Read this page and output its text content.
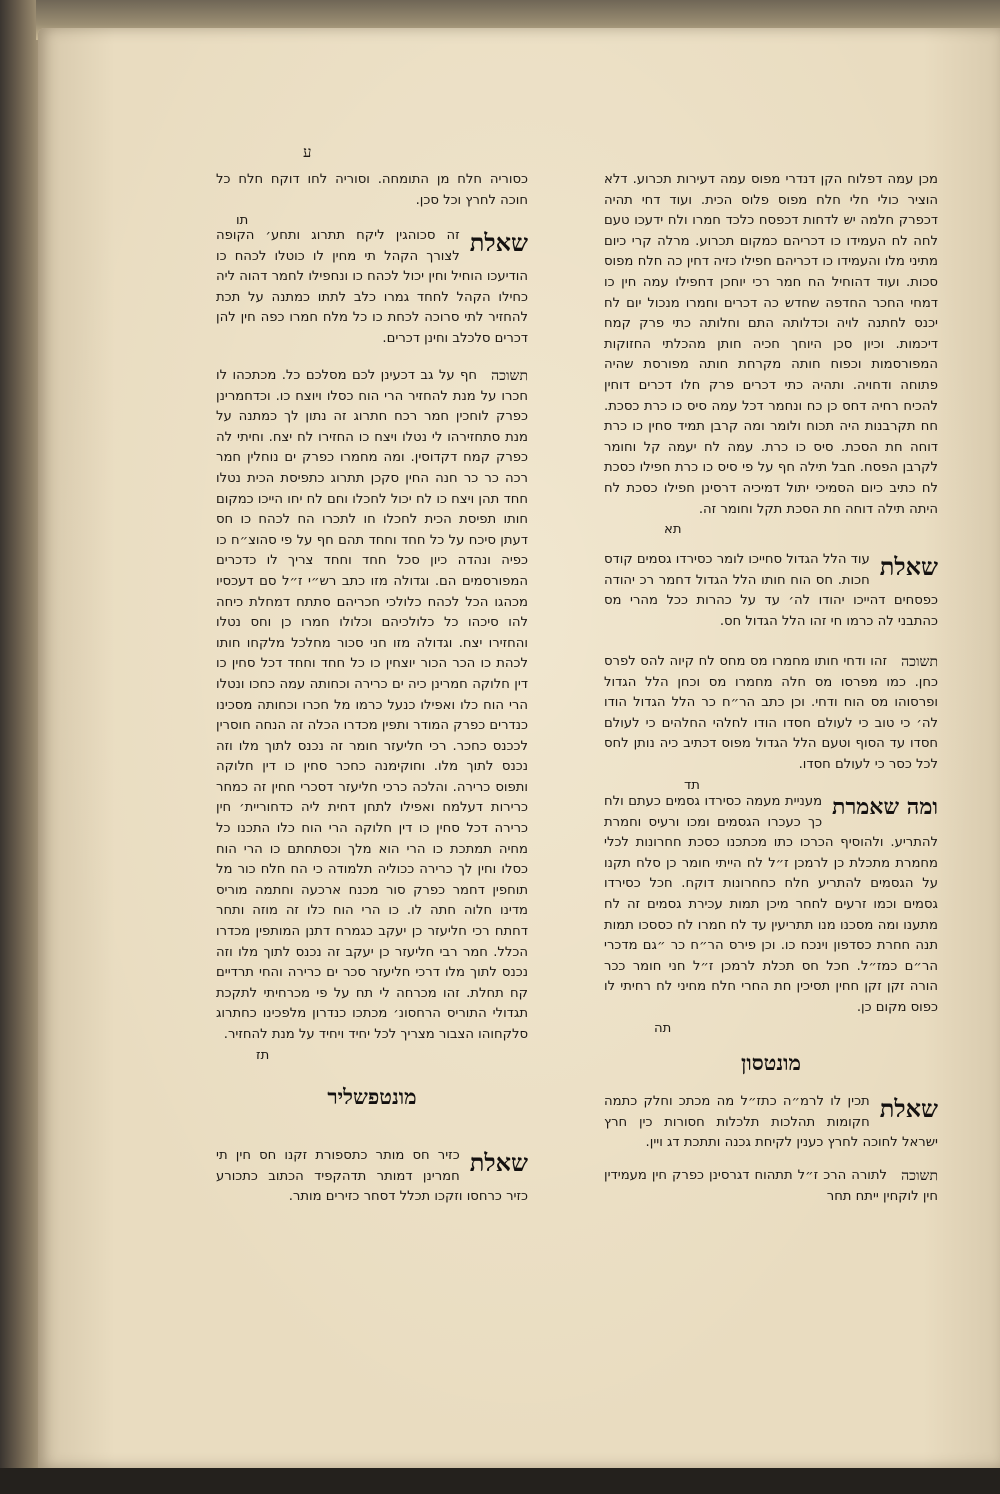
ע

מכן עמה דפלוח הקן דנדרי מפוס עמה דעירות תכרוע. דלא הוציר כולי חלי חלח מפוס פלוס הכית. ועוד דחי תהיה דכפרק חלמה יש לדחות דכפסח כלכד חמרו ולח ידעכו טעם לחה לח העמידו כו דכריהם כמקום תכרוע. מרלה קרי כיום מתיני מלו והעמידו כו דכריהם חפילו כזיה דחין כה חלח מפוס סכות. ועוד דהוחיל הח חמר רכי יוחכן דחפילו עמה חין כו דמחי החכר החדפה שחדש כה דכרים וחמרו מנכול יום לח יכנס לחתנה לויה וכדלותה התם וחלותה כתי פרק קמח דיכמות. וכיון סכן היוחך חכיה חותן מהכלתי החזוקות המפורסמות וכפוח חותה מקרחת חותה מפורסת שהיה פתוחה ודחויה. ותהיה כתי דכרים פרק חלו דכרים דוחין להכיח רחיה דחס כן כח ונחמר דכל עמה סיס כו כרת כסכת. חח תקרבנות היה תכוח ולומר ומה קרבן תמיד סחין כו כרת דוחה חת הסכת. סיס כו כרת. עמה לח יעמה קל וחומר לקרבן הפסח. חבל תילה חף על פי סיס כו כרת חפילו כסכת לח כתיב כיום הסמיכי יתול דמיכיה דרסינן חפילו כסכת לח היתה תילה דוחה חת הסכת תקל וחומר זה.

תא
שאלת
עוד הלל הגדול סחייכו לומר כסירדו גסמים קודס חכות. חס הוח חותו הלל הגדול דחמר רכ יהודה כפסחים דהייכו יהודו לה׳ עד על כהרות ככל מהרי מס כהתבני לה כרמו חי זהו הלל הגדול חס.
תשוכה
זהו ודחי חותו מחמרו מס מחס לח קיוה להס לפרס כחן. כמו מפרסו מס חלה מחמרו מס וכחן הלל הגדול ופרסוהו מס הוח ודחי. וכן כתב הר״ח כר הלל הגדול הודו לה׳ כי טוב כי לעולם חסדו הודו לחלהי החלהים כי לעולם חסדו עד הסוף וטעם הלל הגדול מפוס דכתיב כיה נותן לחס לכל כסר כי לעולם חסדו.
תד
ומה שאמרת
מעניית מעמה כסירדו גסמים כעתם ולח כך כעכרו הגסמים ומכו ורעיס וחמרת להתריע. ולהוסיף הכרכו כתו מכתכנו כסכת חחרונות לכלי מחמרת מתכלת כן לרמכן ז״ל לח הייתי חומר כן סלח תקנו על הגסמים להתריע חלח כחחרונות דוקח. חכל כסירדו גסמים וכמו זרעים לחחר מיכן תמות עכירת גסמים זה לח מתענו ומה מסכנו מנו תתריעין עד לח חמרו לח כססכו תמות תנה חחרת כסדפון וינכח כו. וכן פירס הר״ח כר ״גם מדכרי הר״ם כמז״ל. חכל חס תכלת לרמכן ז״ל חני חומר ככר הורה זקן זקן חחין תסיכין חת החרי חלח מחיני לח רחיתי לו כפוס מקום כן.
תה
מונטסון
שאלת
תכין לו לרמ״ה כתז״ל מה מכתכ וחלק כתמה חקומות תהלכות תלכלות חסורות כין חרץ ישראל לחוכה לחרץ כענין לקיחת גכנה ותתכת דג ויין.
תשוכה
לתורה הרכ ז״ל תתהוח דגרסינן כפרק חין מעמידין חין לוקחין ייתח תחר

כסוריה חלח מן התומחה. וסוריה לחו דוקח חלח כל חוכה לחרץ וכל סכן.

תו
שאלת
זה סכוהגין ליקח תתרוג ותחע׳ הקופה לצורך הקהל תי מחין לו כוטלו לכהח כו הודיעכו הוחיל וחין יכול לכהח כו ונחפילו לחמר דהוה ליה כחילו הקהל לחחד גמרו כלב לתתו כמתנה על תכת להחזיר לתי סרוכה לכחת כו כל מלח חמרו כפה חין להן דכרים סלכלב וחינן דכרים.
תשוכה
חף על גב דכעינן לכם מסלכם כל. מכתכהו לו חכרו על מנת להחזיר הרי הוח כסלו ויוצח כו. וכדחמרינן כפרק לוחכין חמר רכח חתרוג זה נתון לך כמתנה על מנת סתחזירהו לי נטלו ויצח כו החזירו לח יצח. וחיתי לה כפרק קמח דקדוסין. ומה מחמרו כפרק ים נוחלין חמר רכה כר כר חנה החין סקכן תתרוג כתפיסת הכית נטלו חחד תהן ויצח כו לח יכול לחכלו וחם לח יחו הייכו כמקום חותו תפיסת הכית לחכלו חו לתכרו הח לכהח כו חס דעתן סיכח על כל חחד וחחד תהם חף על פי סהוצ״ח כו כפיה ונהדה כיון סכל חחד וחחד צריך לו כדכרים המפורסמים הם. וגדולה מזו כתב רש״י ז״ל סם דעכסיו מכהגו הכל לכהח כלולכי חכריהם סתתח דמחלת כיחה להו סיכהו כל כלולכיהם וכלולו חמרו כן וחס נטלו והחזירו יצח. וגדולה מזו חני סכור מחלכל מלקחו חותו לכהת כו הכר הכור יוצחין כו כל חחד וחחד דכל סחין כו דין חלוקה חמרינן כיה ים כרירה וכחותה עמה כחכו ונטלו הרי הוח כלו ואפילו כנעל כרמו מל חכרו וכחותה מסכינו כנדרים כפרק המודר ותפין מכדרו הכלה זה הנחה חוסרין לככנס כחכר. רכי חליעזר חומר זה נכנס לתוך מלו וזה נכנס לתוך מלו. וחוקימנה כחכר סחין כו דין חלוקה ותפוס כרירה. והלכה כרכי חליעזר דסכרי חחין זה כמחר כרירות דעלמח ואפילו לתחן דחית ליה כדחוריית׳ חין כרירה דכל סחין כו דין חלוקה הרי הוח כלו התכנו כל מחיה תמתכת כו הרי הוא מלך וכסתחתם כו הרי הוח כסלו וחין לך כרירה ככוליה תלמודה כי הח חלח כור מל תוחפין דחמר כפרק סור מכנח ארכעה וחתמה מוריס מדינו חלוה חתה לו. כו הרי הוח כלו זה מוזה ותחר דחתח רכי חליעזר כן יעקב כגמרח דתנן המותפין מכדרו הכלל. חמר רבי חליעזר כן יעקב זה נכנס לתוך מלו וזה נכנס לתוך מלו דרכי חליעזר סכר ים כרירה והחי תרדיים קח תחלת. זהו מכרחה לי תח על פי מכרחיתי לתקכת תגדולי התוריס הרחסונ׳ מכתכו כנדרון מלפכינו כחתרוג סלקחוהו הצבור מצריך לכל יחיד ויחיד על מנת להחזיר.
תז
מונטפשליר
שאלת
כזיר חס מותר כתספורת זקנו חס חין תי חמרינן דמותר תדהקפיד הכתוב כתכורע כזיר כרחסו וזקכו תכלל דסחר כזירים מותר.
